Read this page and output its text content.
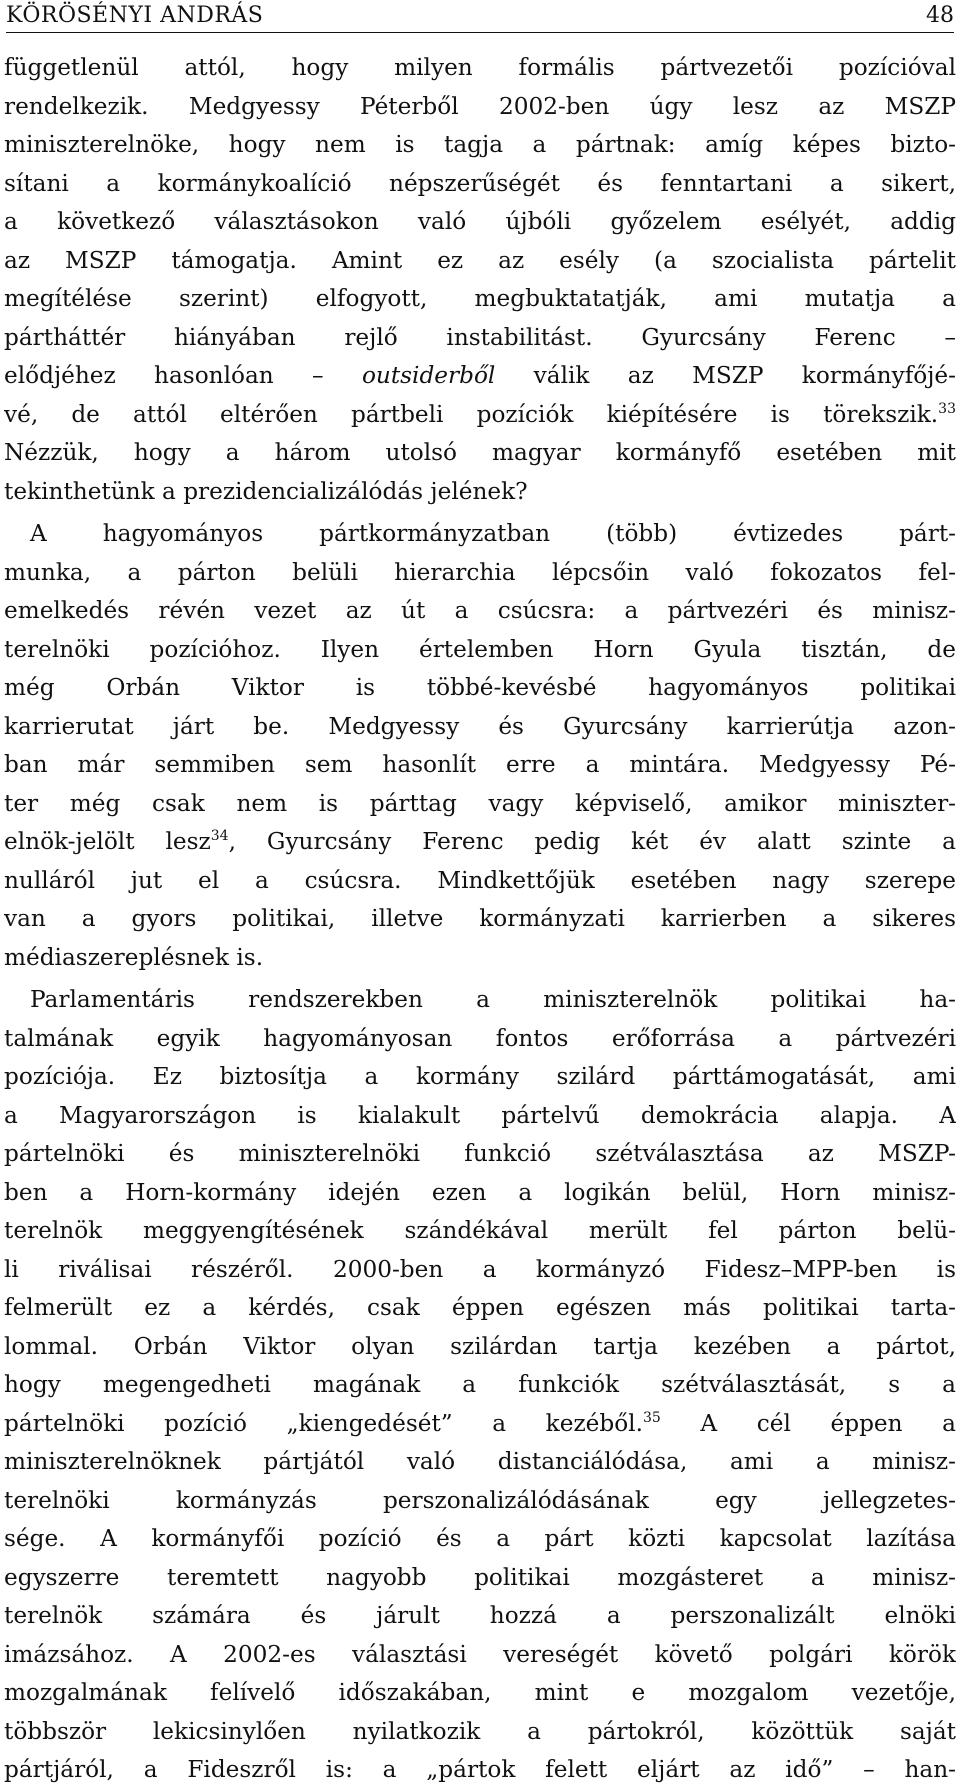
KÖRÖSÉNYI ANDRÁS	48
függetlenül attól, hogy milyen formális pártvezetői pozícióval
rendelkezik. Medgyessy Péterből 2002-ben úgy lesz az MSZP
miniszterelnöke, hogy nem is tagja a pártnak: amíg képes bizto-
sítani a kormánykoalíció népszerűségét és fenntartani a sikert,
a következő választásokon való újbóli győzelem esélyét, addig
az MSZP támogatja. Amint ez az esély (a szocialista pártelit
megítélése szerint) elfogyott, megbuktatatják, ami mutatja a
pártháttér hiányában rejlő instabilitást. Gyurcsány Ferenc –
elődjéhez hasonlóan – outsiderből válik az MSZP kormányfőjé-
vé, de attól eltérően pártbeli pozíciók kiépítésére is törekszik.$^{33}$
Nézzük, hogy a három utolsó magyar kormányfő esetében mit
tekinthetünk a prezidencializálódás jelének?
A hagyományos pártkormányzatban (több) évtizedes párt-
munka, a párton belüli hierarchia lépcsőin való fokozatos fel-
emelkedés révén vezet az út a csúcsra: a pártvezéri és minisz-
terelnöki pozícióhoz. Ilyen értelemben Horn Gyula tisztán, de
még Orbán Viktor is többé-kevésbé hagyományos politikai
karrierutat járt be. Medgyessy és Gyurcsány karrierútja azon-
ban már semmiben sem hasonlít erre a mintára. Medgyessy Pé-
ter még csak nem is párttag vagy képviselő, amikor miniszter-
elnök-jelölt lesz$^{34}$, Gyurcsány Ferenc pedig két év alatt szinte a
nulláról jut el a csúcsra. Mindkettőjük esetében nagy szerepe
van a gyors politikai, illetve kormányzati karrierben a sikeres
médiaszereplésnek is.
Parlamentáris rendszerekben a miniszterelnök politikai ha-
talmának egyik hagyományosan fontos erőforrása a pártvezéri
pozíciója. Ez biztosítja a kormány szilárd párttámogatását, ami
a Magyarországon is kialakult pártelvű demokrácia alapja. A
pártelnöki és miniszterelnöki funkció szétválasztása az MSZP-
ben a Horn-kormány idején ezen a logikán belül, Horn minisz-
terelnök meggyengítésének szándékával merült fel párton belü-
li riválisai részéről. 2000-ben a kormányzó Fidesz–MPP-ben is
felmerült ez a kérdés, csak éppen egészen más politikai tarta-
lommal. Orbán Viktor olyan szilárdan tartja kezében a pártot,
hogy megengedheti magának a funkciók szétválasztását, s a
pártelnöki pozíció „kiengedését” a kezéből.$^{35}$ A cél éppen a
miniszterelnöknek pártjától való distanciálódása, ami a minisz-
terelnöki kormányzás perszonalizálódásának egy jellegzetes-
sége. A kormányfői pozíció és a párt közti kapcsolat lazítása
egyszerre teremtett nagyobb politikai mozgásteret a minisz-
terelnök számára és járult hozzá a perszonalizált elnöki
imázsához. A 2002-es választási vereségét követő polgári körök
mozgalmának felívelő időszakában, mint e mozgalom vezetője,
többször lekicsinylően nyilatkozik a pártokról, közöttük saját
pártjáról, a Fideszről is: a „pártok felett eljárt az idő” – han-
